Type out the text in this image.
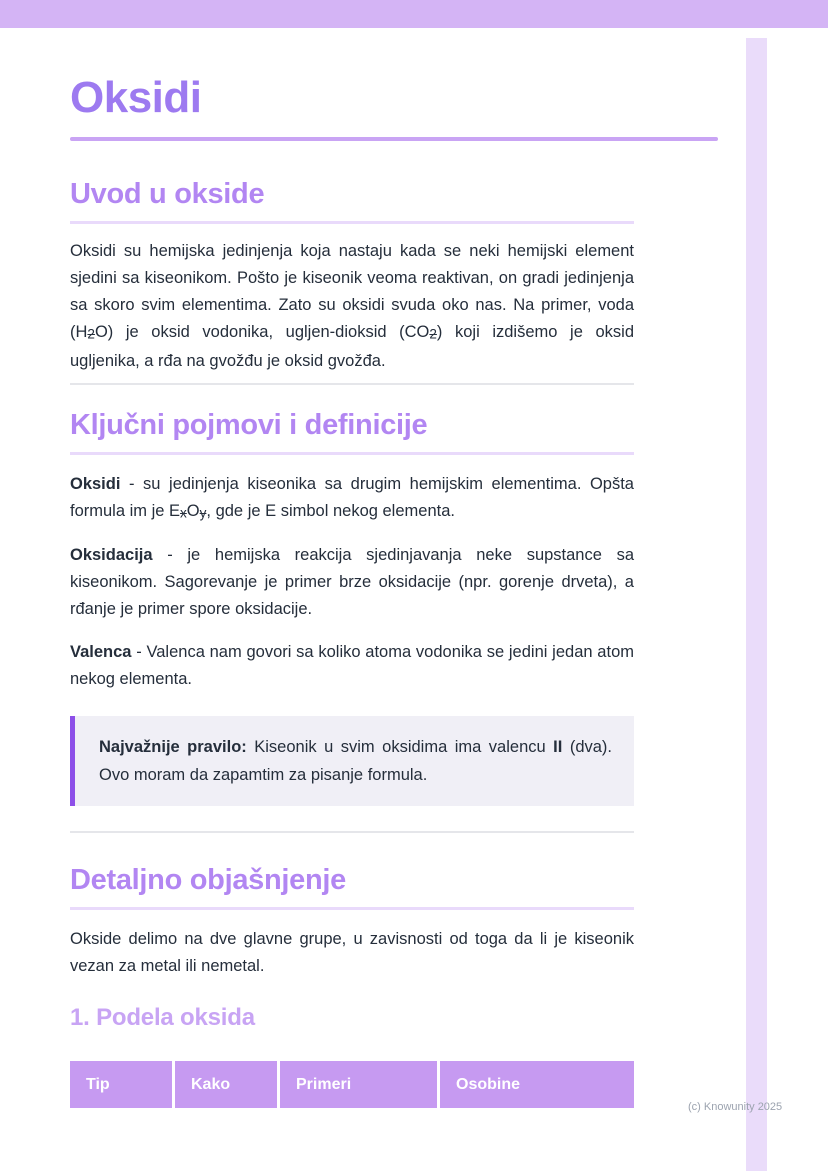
Oksidi
Uvod u okside

Oksidi su hemijska jedinjenja koja nastaju kada se neki hemijski element sjedini sa kiseonikom. Pošto je kiseonik veoma reaktivan, on gradi jedinjenja sa skoro svim elementima. Zato su oksidi svuda oko nas. Na primer, voda (H2O) je oksid vodonika, ugljen-dioksid (CO2) koji izdišemo je oksid ugljenika, a rđa na gvožđu je oksid gvožđa.

Ključni pojmovi i definicije

Oksidi - su jedinjenja kiseonika sa drugim hemijskim elementima. Opšta formula im je ExOy, gde je E simbol nekog elementa.

Oksidacija - je hemijska reakcija sjedinjavanja neke supstance sa kiseonikom. Sagorevanje je primer brze oksidacije (npr. gorenje drveta), a rđanje je primer spore oksidacije.

Valenca - Valenca nam govori sa koliko atoma vodonika se jedini jedan atom nekog elementa.

Najvažnije pravilo: Kiseonik u svim oksidima ima valencu II (dva). Ovo moram da zapamtim za pisanje formula.

Detaljno objašnjenje

Okside delimo na dve glavne grupe, u zavisnosti od toga da li je kiseonik vezan za metal ili nemetal.

1. Podela oksida
Tip	Kako	Primeri	Osobine
(c) Knowunity 2025
